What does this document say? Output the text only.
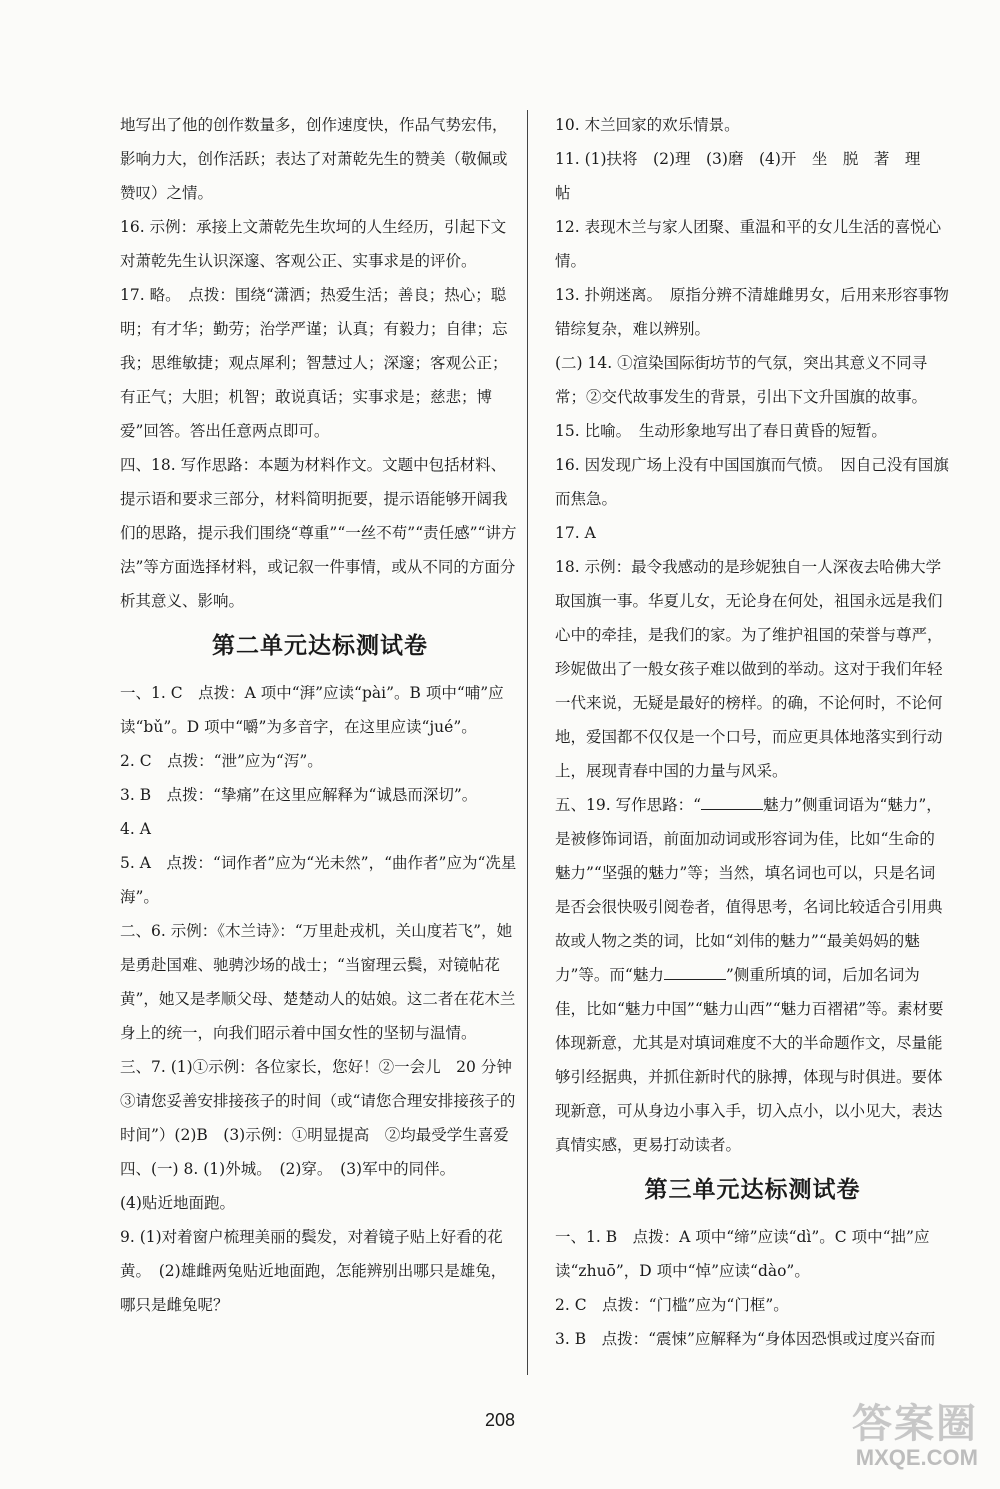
地写出了他的创作数量多，创作速度快，作品气势宏伟，

影响力大，创作活跃；表达了对萧乾先生的赞美（敬佩或

赞叹）之情。

16. 示例：承接上文萧乾先生坎坷的人生经历，引起下文对萧乾先生认识深邃、客观公正、实事求是的评价。

17. 略。　点拨：围绕“潇洒；热爱生活；善良；热心；聪明；有才华；勤劳；治学严谨；认真；有毅力；自律；忘我；思维敏捷；观点犀利；智慧过人；深邃；客观公正；有正气；大胆；机智；敢说真话；实事求是；慈悲；博爱”回答。答出任意两点即可。

四、18. 写作思路：本题为材料作文。文题中包括材料、提示语和要求三部分，材料简明扼要，提示语能够开阔我们的思路，提示我们围绕“尊重”“一丝不苟”“责任感”“讲方法”等方面选择材料，或记叙一件事情，或从不同的方面分析其意义、影响。

第二单元达标测试卷

一、1. C　点拨：A 项中“湃”应读“pài”。B 项中“哺”应读“bǔ”。D 项中“嚼”为多音字，在这里应读“jué”。

2. C　点拨：“泄”应为“泻”。

3. B　点拨：“挚痛”在这里应解释为“诚恳而深切”。

4. A

5. A　点拨：“词作者”应为“光未然”，“曲作者”应为“冼星海”。

二、6. 示例：《木兰诗》：“万里赴戎机，关山度若飞”，她是勇赴国难、驰骋沙场的战士；“当窗理云鬓，对镜帖花黄”，她又是孝顺父母、楚楚动人的姑娘。这二者在花木兰身上的统一，向我们昭示着中国女性的坚韧与温情。

三、7. (1)①示例：各位家长，您好！②一会儿　20 分钟

③请您妥善安排接孩子的时间（或“请您合理安排接孩子的时间”）(2)B　(3)示例：①明显提高　②均最受学生喜爱

四、(一) 8. (1)外城。　(2)穿。　(3)军中的同伴。

(4)贴近地面跑。

9. (1)对着窗户梳理美丽的鬓发，对着镜子贴上好看的花黄。　(2)雄雌两兔贴近地面跑，怎能辨别出哪只是雄兔，哪只是雌兔呢？

10. 木兰回家的欢乐情景。

11. (1)扶将　(2)理　(3)磨　(4)开　坐　脱　著　理　帖

12. 表现木兰与家人团聚、重温和平的女儿生活的喜悦心情。

13. 扑朔迷离。　原指分辨不清雄雌男女，后用来形容事物错综复杂，难以辨别。

(二) 14. ①渲染国际街坊节的气氛，突出其意义不同寻常；②交代故事发生的背景，引出下文升国旗的故事。

15. 比喻。　生动形象地写出了春日黄昏的短暂。

16. 因发现广场上没有中国国旗而气愤。　因自己没有国旗而焦急。

17. A

18. 示例：最令我感动的是珍妮独自一人深夜去哈佛大学取国旗一事。华夏儿女，无论身在何处，祖国永远是我们心中的牵挂，是我们的家。为了维护祖国的荣誉与尊严，珍妮做出了一般女孩子难以做到的举动。这对于我们年轻一代来说，无疑是最好的榜样。的确，不论何时，不论何地，爱国都不仅仅是一个口号，而应更具体地落实到行动上，展现青春中国的力量与风采。

五、19. 写作思路：“	魅力”侧重词语为“魅力”，是被修饰词语，前面加动词或形容词为佳，比如“生命的魅力”“坚强的魅力”等；当然，填名词也可以，只是名词是否会很快吸引阅卷者，值得思考，名词比较适合引用典故或人物之类的词，比如“刘伟的魅力”“最美妈妈的魅力”等。而“魅力	”侧重所填的词，后加名词为佳，比如“魅力中国”“魅力山西”“魅力百褶裙”等。素材要体现新意，尤其是对填词难度不大的半命题作文，尽量能够引经据典，并抓住新时代的脉搏，体现与时俱进。要体现新意，可从身边小事入手，切入点小，以小见大，表达真情实感，更易打动读者。

第三单元达标测试卷

一、1. B　点拨：A 项中“缔”应读“dì”。C 项中“拙”应读“zhuō”，D 项中“悼”应读“dào”。

2. C　点拨：“门槛”应为“门框”。

3. B　点拨：“震悚”应解释为“身体因恐惧或过度兴奋而

208	答案圈
MXQE.COM
